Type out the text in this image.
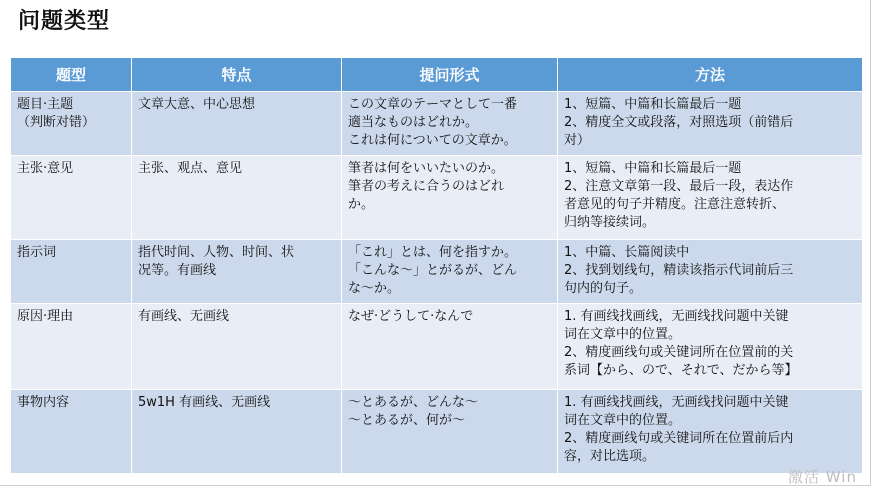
问题类型
题型	特点	提问形式	方法

题目·主题
（判断对错）	文章大意、中心思想	この文章のテーマとして一番
適当なものはどれか。
これは何についての文章か。	1、短篇、中篇和长篇最后一题
2、精度全文或段落，对照选项（前错后
对）

主张·意见	主张、观点、意见	筆者は何をいいたいのか。
筆者の考えに合うのはどれ
か。	1、短篇、中篇和长篇最后一题
2、注意文章第一段、最后一段，表达作
者意见的句子并精度。注意注意转折、
归纳等接续词。

指示词	指代时间、人物、时间、状
况等。有画线	「これ」とは、何を指すか。
「こんな～」とがるが、どん
な～か。	1、中篇、长篇阅读中
2、找到划线句，精读该指示代词前后三
句内的句子。

原因·理由	有画线、无画线	なぜ·どうして·なんで	1. 有画线找画线，无画线找问题中关键
词在文章中的位置。
2、精度画线句或关键词所在位置前的关
系词【から、ので、それで、だから等】

事物内容	5w1H 有画线、无画线	～とあるが、どんな～
～とあるが、何が～	1. 有画线找画线，无画线找问题中关键
词在文章中的位置。
2、精度画线句或关键词所在位置前后内
容，对比选项。
激活 Win
